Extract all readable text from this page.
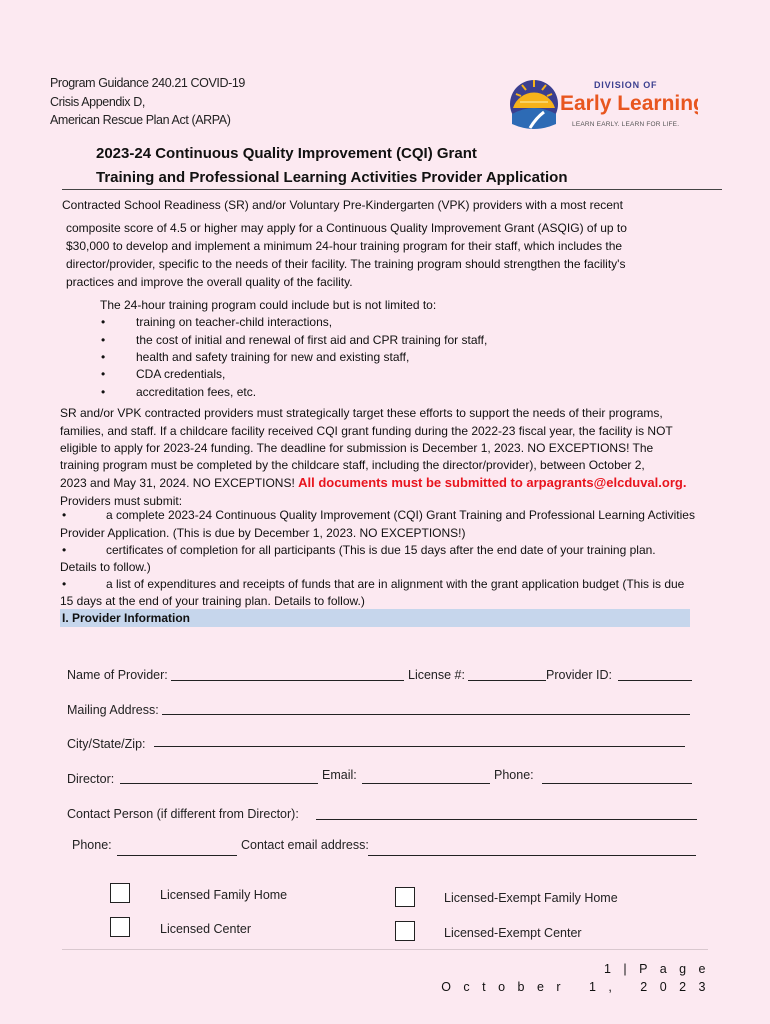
Program Guidance 240.21 COVID-19
Crisis Appendix D,
American Rescue Plan Act (ARPA)
DIVISION OF
Early Learning
LEARN EARLY. LEARN FOR LIFE.
2023-24 Continuous Quality Improvement (CQI) Grant
Training and Professional Learning Activities Provider Application
Contracted School Readiness (SR) and/or Voluntary Pre-Kindergarten (VPK) providers with a most recent
composite score of 4.5 or higher may apply for a Continuous Quality Improvement Grant (ASQIG) of up to
$30,000 to develop and implement a minimum 24-hour training program for their staff, which includes the
director/provider, specific to the needs of their facility. The training program should strengthen the facility's
practices and improve the overall quality of the facility.
The 24-hour training program could include but is not limited to:
•	training on teacher-child interactions,
•	the cost of initial and renewal of first aid and CPR training for staff,
•	health and safety training for new and existing staff,
•	CDA credentials,
•	accreditation fees, etc.
SR and/or VPK contracted providers must strategically target these efforts to support the needs of their programs,
families, and staff. If a childcare facility received CQI grant funding during the 2022-23 fiscal year, the facility is NOT
eligible to apply for 2023-24 funding. The deadline for submission is December 1, 2023. NO EXCEPTIONS! The
training program must be completed by the childcare staff, including the director/provider), between October 2,
2023 and May 31, 2024. NO EXCEPTIONS! All documents must be submitted to arpagrants@elcduval.org.
Providers must submit:
•	a complete 2023-24 Continuous Quality Improvement (CQI) Grant Training and Professional Learning Activities
Provider Application. (This is due by December 1, 2023. NO EXCEPTIONS!)
•	certificates of completion for all participants (This is due 15 days after the end date of your training plan.
Details to follow.)
•	a list of expenditures and receipts of funds that are in alignment with the grant application budget (This is due
15 days at the end of your training plan. Details to follow.)
I. Provider Information
Name of Provider:	License #:	Provider ID:
Mailing Address:
City/State/Zip:
Director:	Email:	Phone:
Contact Person (if different from Director):
Phone:	Contact email address:
Licensed Family Home
Licensed Center
Licensed-Exempt Family Home
Licensed-Exempt Center
1 | P a g e
O c t o b e r   1 ,   2 0 2 3
